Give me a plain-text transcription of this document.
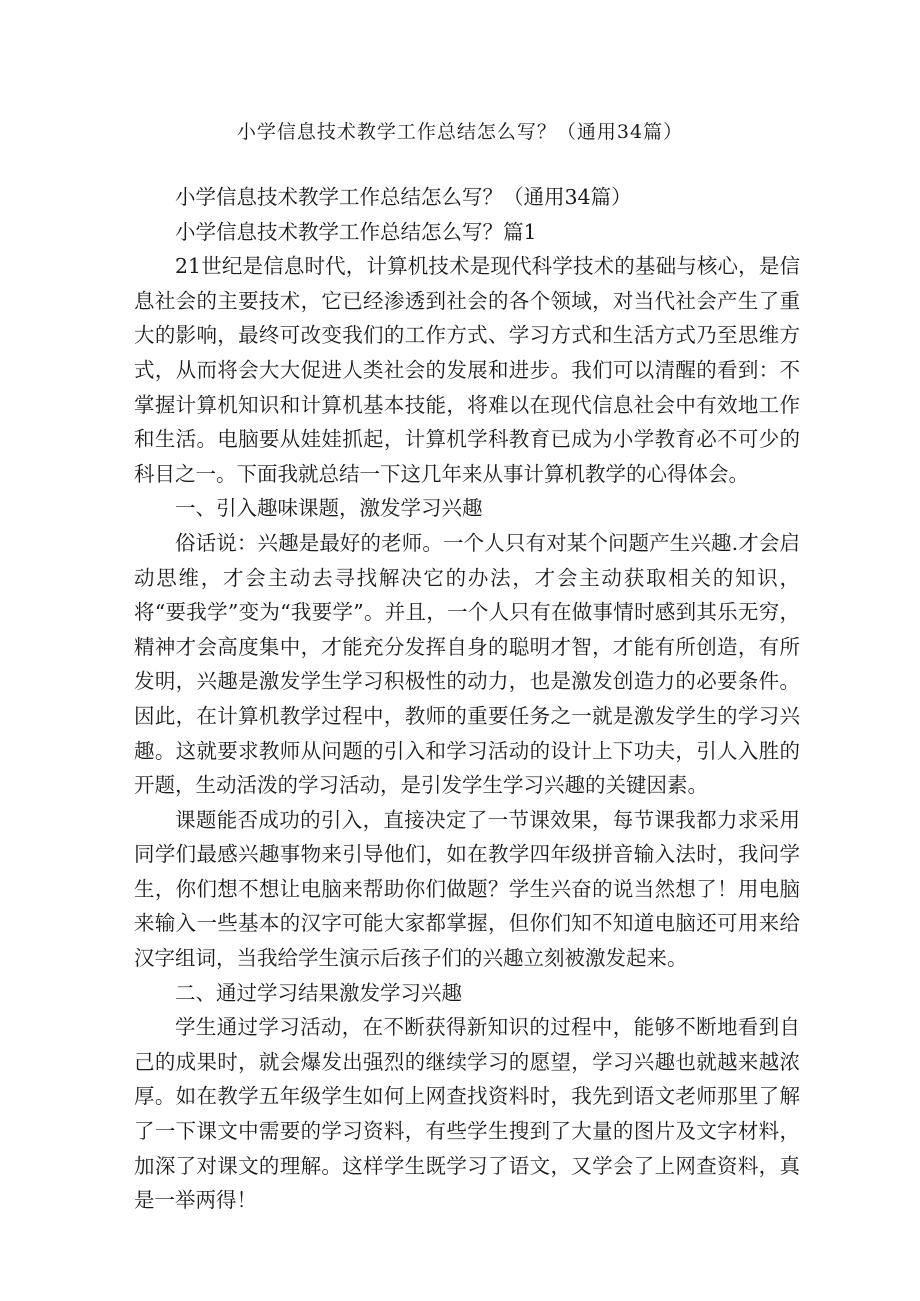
小学信息技术教学工作总结怎么写？（通用34篇）

小学信息技术教学工作总结怎么写？（通用34篇）

小学信息技术教学工作总结怎么写？篇1

21世纪是信息时代，计算机技术是现代科学技术的基础与核心，是信息社会的主要技术，它已经渗透到社会的各个领域，对当代社会产生了重大的影响，最终可改变我们的工作方式、学习方式和生活方式乃至思维方式，从而将会大大促进人类社会的发展和进步。我们可以清醒的看到：不掌握计算机知识和计算机基本技能，将难以在现代信息社会中有效地工作和生活。电脑要从娃娃抓起，计算机学科教育已成为小学教育必不可少的科目之一。下面我就总结一下这几年来从事计算机教学的心得体会。

一、引入趣味课题，激发学习兴趣

俗话说：兴趣是最好的老师。一个人只有对某个问题产生兴趣.才会启动思维，才会主动去寻找解决它的办法，才会主动获取相关的知识，将“要我学”变为“我要学”。并且，一个人只有在做事情时感到其乐无穷，精神才会高度集中，才能充分发挥自身的聪明才智，才能有所创造，有所发明，兴趣是激发学生学习积极性的动力，也是激发创造力的必要条件。因此，在计算机教学过程中，教师的重要任务之一就是激发学生的学习兴趣。这就要求教师从问题的引入和学习活动的设计上下功夫，引人入胜的开题，生动活泼的学习活动，是引发学生学习兴趣的关键因素。

课题能否成功的引入，直接决定了一节课效果，每节课我都力求采用同学们最感兴趣事物来引导他们，如在教学四年级拼音输入法时，我问学生，你们想不想让电脑来帮助你们做题？学生兴奋的说当然想了！用电脑来输入一些基本的汉字可能大家都掌握，但你们知不知道电脑还可用来给汉字组词，当我给学生演示后孩子们的兴趣立刻被激发起来。

二、通过学习结果激发学习兴趣

学生通过学习活动，在不断获得新知识的过程中，能够不断地看到自己的成果时，就会爆发出强烈的继续学习的愿望，学习兴趣也就越来越浓厚。如在教学五年级学生如何上网查找资料时，我先到语文老师那里了解了一下课文中需要的学习资料，有些学生搜到了大量的图片及文字材料，加深了对课文的理解。这样学生既学习了语文，又学会了上网查资料，真是一举两得！
